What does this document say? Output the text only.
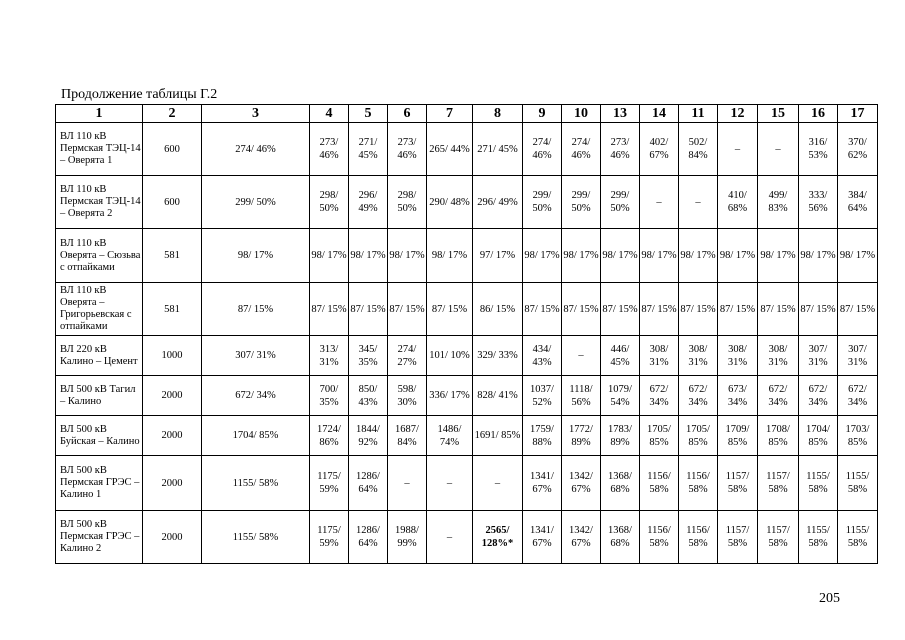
Продолжение таблицы Г.2
1	2	3	4	5	6	7	8	9	10	13	14	11	12	15	16	17
ВЛ 110 кВ Пермская ТЭЦ-14 – Оверята 1	600	274/ 46%	273/ 46%	271/ 45%	273/ 46%	265/ 44%	271/ 45%	274/ 46%	274/ 46%	273/ 46%	402/ 67%	502/ 84%	–	–	316/ 53%	370/ 62%
ВЛ 110 кВ Пермская ТЭЦ-14 – Оверята 2	600	299/ 50%	298/ 50%	296/ 49%	298/ 50%	290/ 48%	296/ 49%	299/ 50%	299/ 50%	299/ 50%	–	–	410/ 68%	499/ 83%	333/ 56%	384/ 64%
ВЛ 110 кВ Оверята – Сюзьва с отпайками	581	98/ 17%	98/ 17%	98/ 17%	98/ 17%	98/ 17%	97/ 17%	98/ 17%	98/ 17%	98/ 17%	98/ 17%	98/ 17%	98/ 17%	98/ 17%	98/ 17%	98/ 17%
ВЛ 110 кВ Оверята – Григорьевская с отпайками	581	87/ 15%	87/ 15%	87/ 15%	87/ 15%	87/ 15%	86/ 15%	87/ 15%	87/ 15%	87/ 15%	87/ 15%	87/ 15%	87/ 15%	87/ 15%	87/ 15%	87/ 15%
ВЛ 220 кВ Калино – Цемент	1000	307/ 31%	313/ 31%	345/ 35%	274/ 27%	101/ 10%	329/ 33%	434/ 43%	–	446/ 45%	308/ 31%	308/ 31%	308/ 31%	308/ 31%	307/ 31%	307/ 31%
ВЛ 500 кВ Тагил – Калино	2000	672/ 34%	700/ 35%	850/ 43%	598/ 30%	336/ 17%	828/ 41%	1037/ 52%	1118/ 56%	1079/ 54%	672/ 34%	672/ 34%	673/ 34%	672/ 34%	672/ 34%	672/ 34%
ВЛ 500 кВ Буйская – Калино	2000	1704/ 85%	1724/ 86%	1844/ 92%	1687/ 84%	1486/ 74%	1691/ 85%	1759/ 88%	1772/ 89%	1783/ 89%	1705/ 85%	1705/ 85%	1709/ 85%	1708/ 85%	1704/ 85%	1703/ 85%
ВЛ 500 кВ Пермская ГРЭС – Калино 1	2000	1155/ 58%	1175/ 59%	1286/ 64%	–	–	–	1341/ 67%	1342/ 67%	1368/ 68%	1156/ 58%	1156/ 58%	1157/ 58%	1157/ 58%	1155/ 58%	1155/ 58%
ВЛ 500 кВ Пермская ГРЭС – Калино 2	2000	1155/ 58%	1175/ 59%	1286/ 64%	1988/ 99%	–	2565/ 128%*	1341/ 67%	1342/ 67%	1368/ 68%	1156/ 58%	1156/ 58%	1157/ 58%	1157/ 58%	1155/ 58%	1155/ 58%
205
